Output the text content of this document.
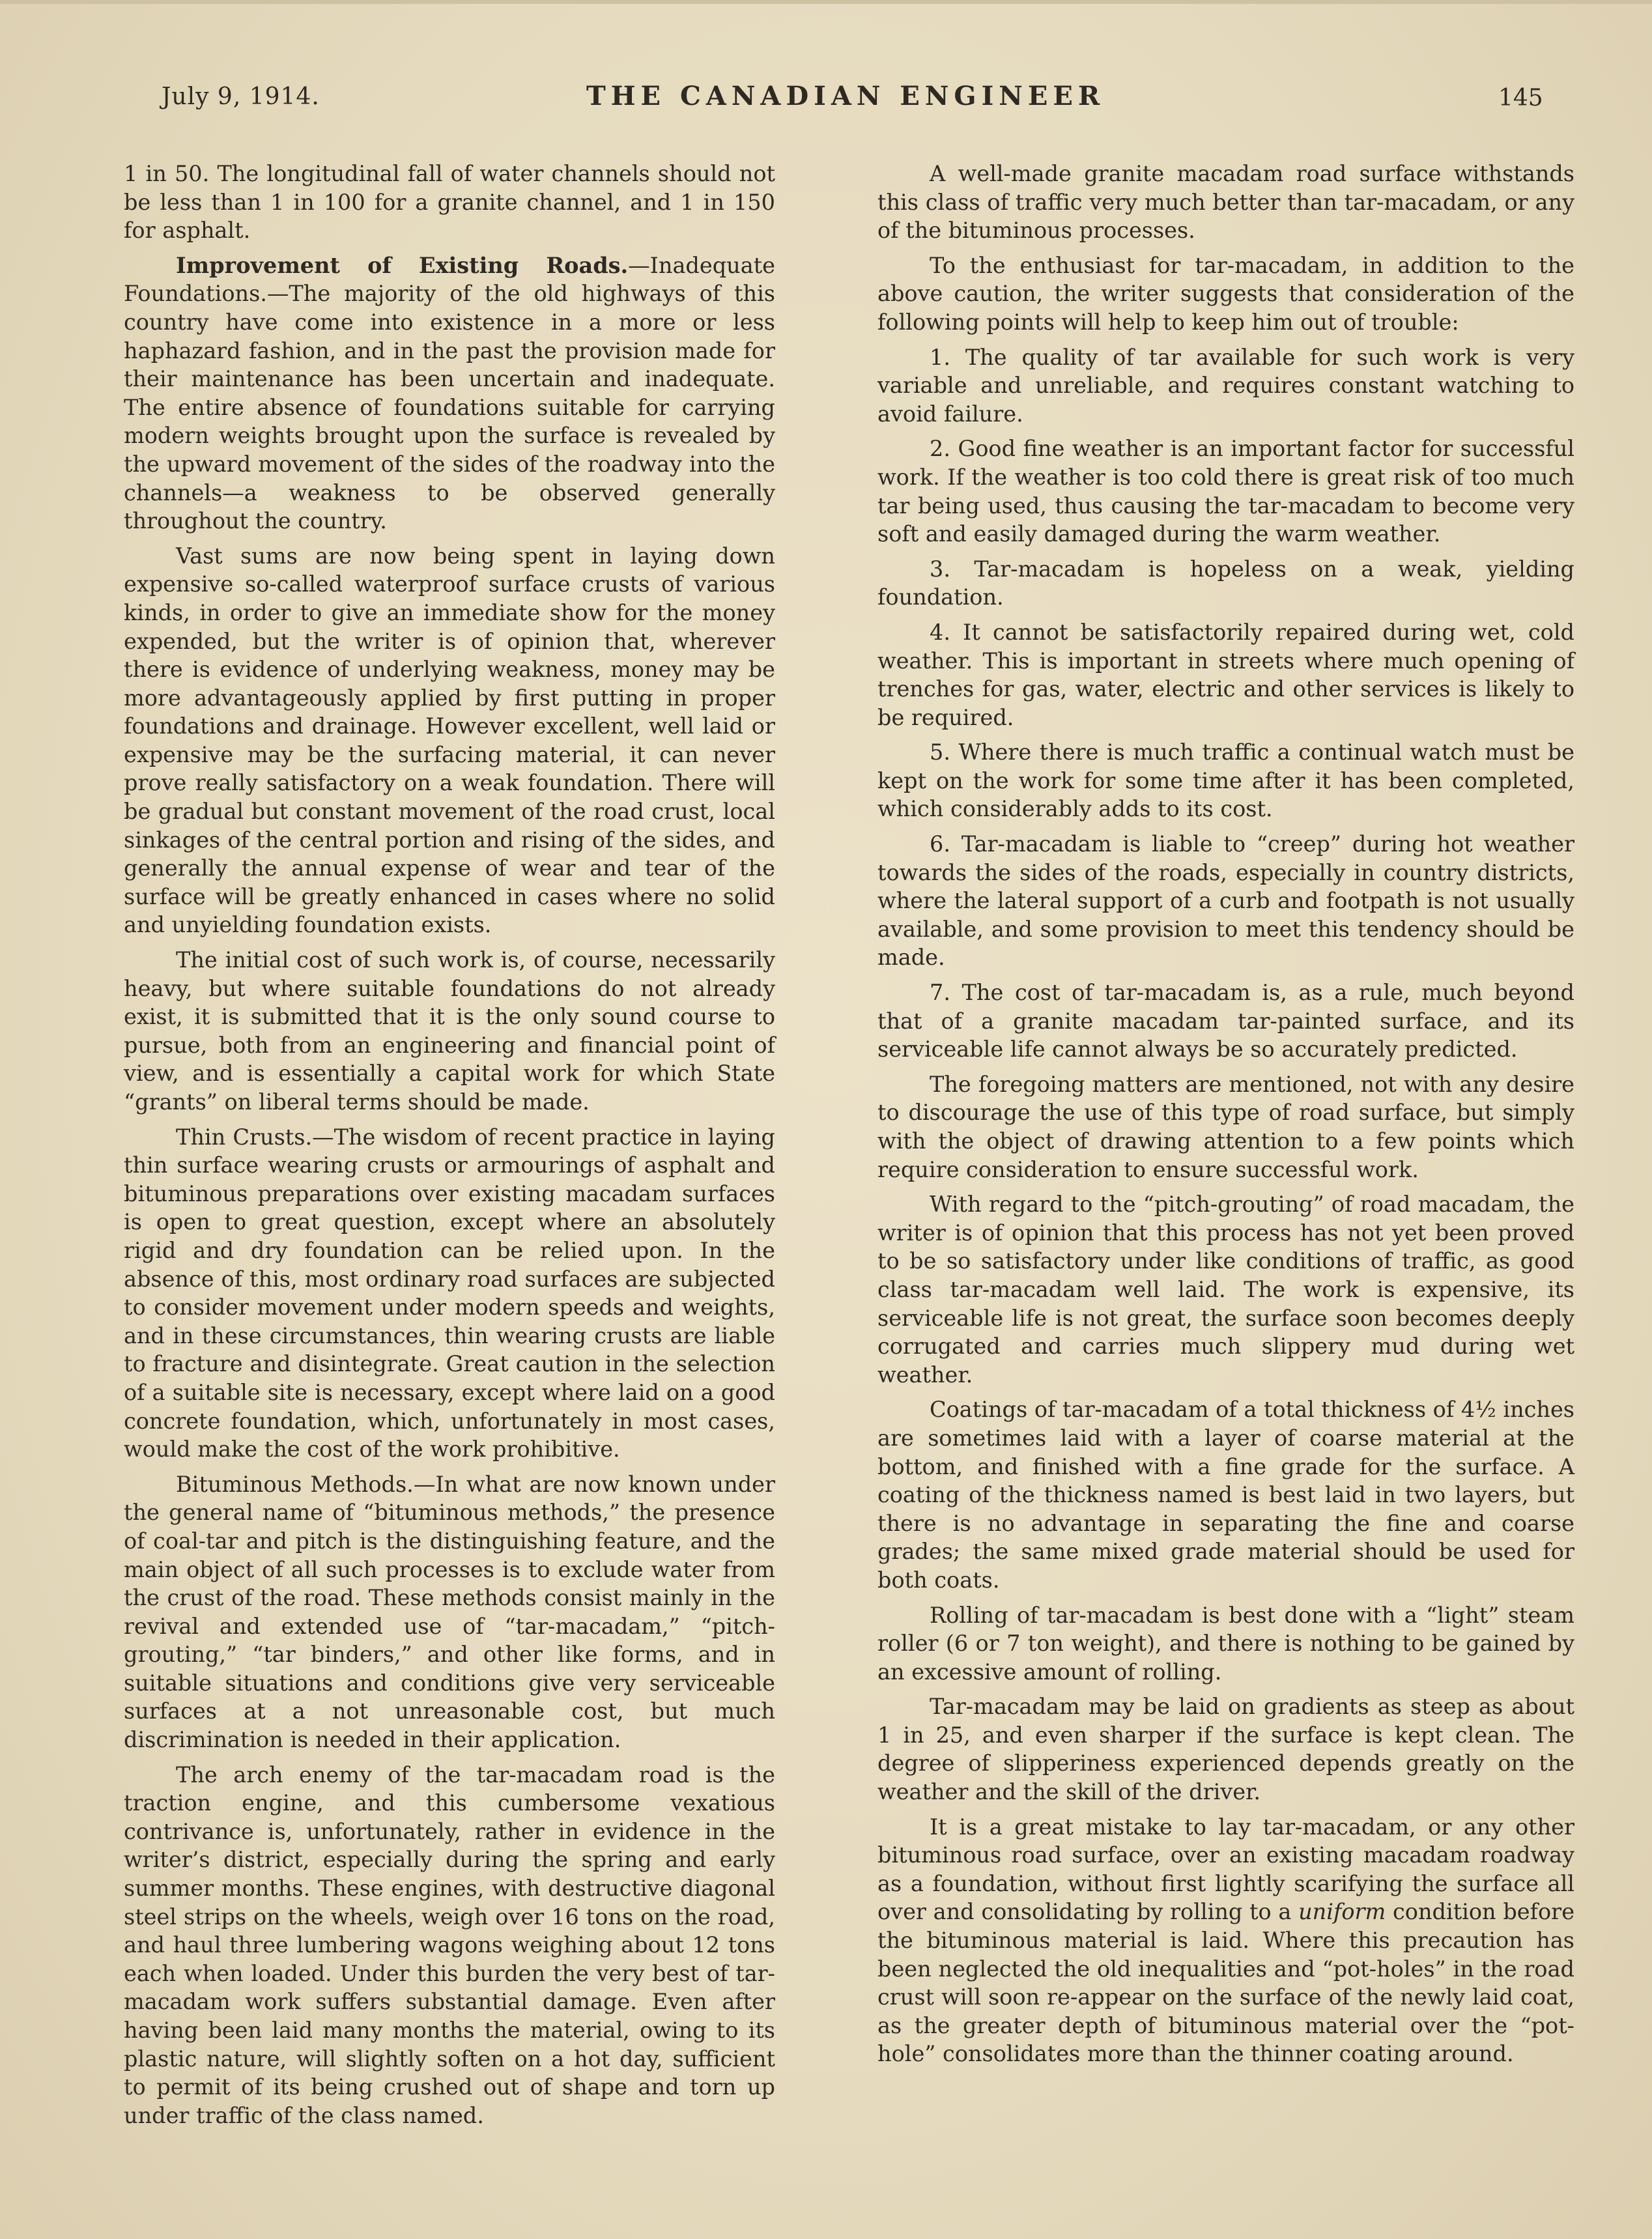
July 9, 1914.	THE CANADIAN ENGINEER	145

1 in 50. The longitudinal fall of water channels should not be less than 1 in 100 for a granite channel, and 1 in 150 for asphalt.

Improvement of Existing Roads.—Inadequate Foundations.—The majority of the old highways of this country have come into existence in a more or less haphazard fashion, and in the past the provision made for their maintenance has been uncertain and inadequate. The entire absence of foundations suitable for carrying modern weights brought upon the surface is revealed by the upward movement of the sides of the roadway into the channels—a weakness to be observed generally throughout the country.

Vast sums are now being spent in laying down expensive so-called waterproof surface crusts of various kinds, in order to give an immediate show for the money expended, but the writer is of opinion that, wherever there is evidence of underlying weakness, money may be more advantageously applied by first putting in proper foundations and drainage. However excellent, well laid or expensive may be the surfacing material, it can never prove really satisfactory on a weak foundation. There will be gradual but constant movement of the road crust, local sinkages of the central portion and rising of the sides, and generally the annual expense of wear and tear of the surface will be greatly enhanced in cases where no solid and unyielding foundation exists.

The initial cost of such work is, of course, necessarily heavy, but where suitable foundations do not already exist, it is submitted that it is the only sound course to pursue, both from an engineering and financial point of view, and is essentially a capital work for which State “grants” on liberal terms should be made.

Thin Crusts.—The wisdom of recent practice in laying thin surface wearing crusts or armourings of asphalt and bituminous preparations over existing macadam surfaces is open to great question, except where an absolutely rigid and dry foundation can be relied upon. In the absence of this, most ordinary road surfaces are subjected to consider movement under modern speeds and weights, and in these circumstances, thin wearing crusts are liable to fracture and disintegrate. Great caution in the selection of a suitable site is necessary, except where laid on a good concrete foundation, which, unfortunately in most cases, would make the cost of the work prohibitive.

Bituminous Methods.—In what are now known under the general name of “bituminous methods,” the presence of coal-tar and pitch is the distinguishing feature, and the main object of all such processes is to exclude water from the crust of the road. These methods consist mainly in the revival and extended use of “tar-macadam,” “pitch-grouting,” “tar binders,” and other like forms, and in suitable situations and conditions give very serviceable surfaces at a not unreasonable cost, but much discrimination is needed in their application.

The arch enemy of the tar-macadam road is the traction engine, and this cumbersome vexatious contrivance is, unfortunately, rather in evidence in the writer’s district, especially during the spring and early summer months. These engines, with destructive diagonal steel strips on the wheels, weigh over 16 tons on the road, and haul three lumbering wagons weighing about 12 tons each when loaded. Under this burden the very best of tar-macadam work suffers substantial damage. Even after having been laid many months the material, owing to its plastic nature, will slightly soften on a hot day, sufficient to permit of its being crushed out of shape and torn up under traffic of the class named.

A well-made granite macadam road surface withstands this class of traffic very much better than tar-macadam, or any of the bituminous processes.

To the enthusiast for tar-macadam, in addition to the above caution, the writer suggests that consideration of the following points will help to keep him out of trouble:

1. The quality of tar available for such work is very variable and unreliable, and requires constant watching to avoid failure.

2. Good fine weather is an important factor for successful work. If the weather is too cold there is great risk of too much tar being used, thus causing the tar-macadam to become very soft and easily damaged during the warm weather.

3. Tar-macadam is hopeless on a weak, yielding foundation.

4. It cannot be satisfactorily repaired during wet, cold weather. This is important in streets where much opening of trenches for gas, water, electric and other services is likely to be required.

5. Where there is much traffic a continual watch must be kept on the work for some time after it has been completed, which considerably adds to its cost.

6. Tar-macadam is liable to “creep” during hot weather towards the sides of the roads, especially in country districts, where the lateral support of a curb and footpath is not usually available, and some provision to meet this tendency should be made.

7. The cost of tar-macadam is, as a rule, much beyond that of a granite macadam tar-painted surface, and its serviceable life cannot always be so accurately predicted.

The foregoing matters are mentioned, not with any desire to discourage the use of this type of road surface, but simply with the object of drawing attention to a few points which require consideration to ensure successful work.

With regard to the “pitch-grouting” of road macadam, the writer is of opinion that this process has not yet been proved to be so satisfactory under like conditions of traffic, as good class tar-macadam well laid. The work is expensive, its serviceable life is not great, the surface soon becomes deeply corrugated and carries much slippery mud during wet weather.

Coatings of tar-macadam of a total thickness of 4½ inches are sometimes laid with a layer of coarse material at the bottom, and finished with a fine grade for the surface. A coating of the thickness named is best laid in two layers, but there is no advantage in separating the fine and coarse grades; the same mixed grade material should be used for both coats.

Rolling of tar-macadam is best done with a “light” steam roller (6 or 7 ton weight), and there is nothing to be gained by an excessive amount of rolling.

Tar-macadam may be laid on gradients as steep as about 1 in 25, and even sharper if the surface is kept clean. The degree of slipperiness experienced depends greatly on the weather and the skill of the driver.

It is a great mistake to lay tar-macadam, or any other bituminous road surface, over an existing macadam roadway as a foundation, without first lightly scarifying the surface all over and consolidating by rolling to a uniform condition before the bituminous material is laid. Where this precaution has been neglected the old inequalities and “pot-holes” in the road crust will soon re-appear on the surface of the newly laid coat, as the greater depth of bituminous material over the “pot-hole” consolidates more than the thinner coating around.
